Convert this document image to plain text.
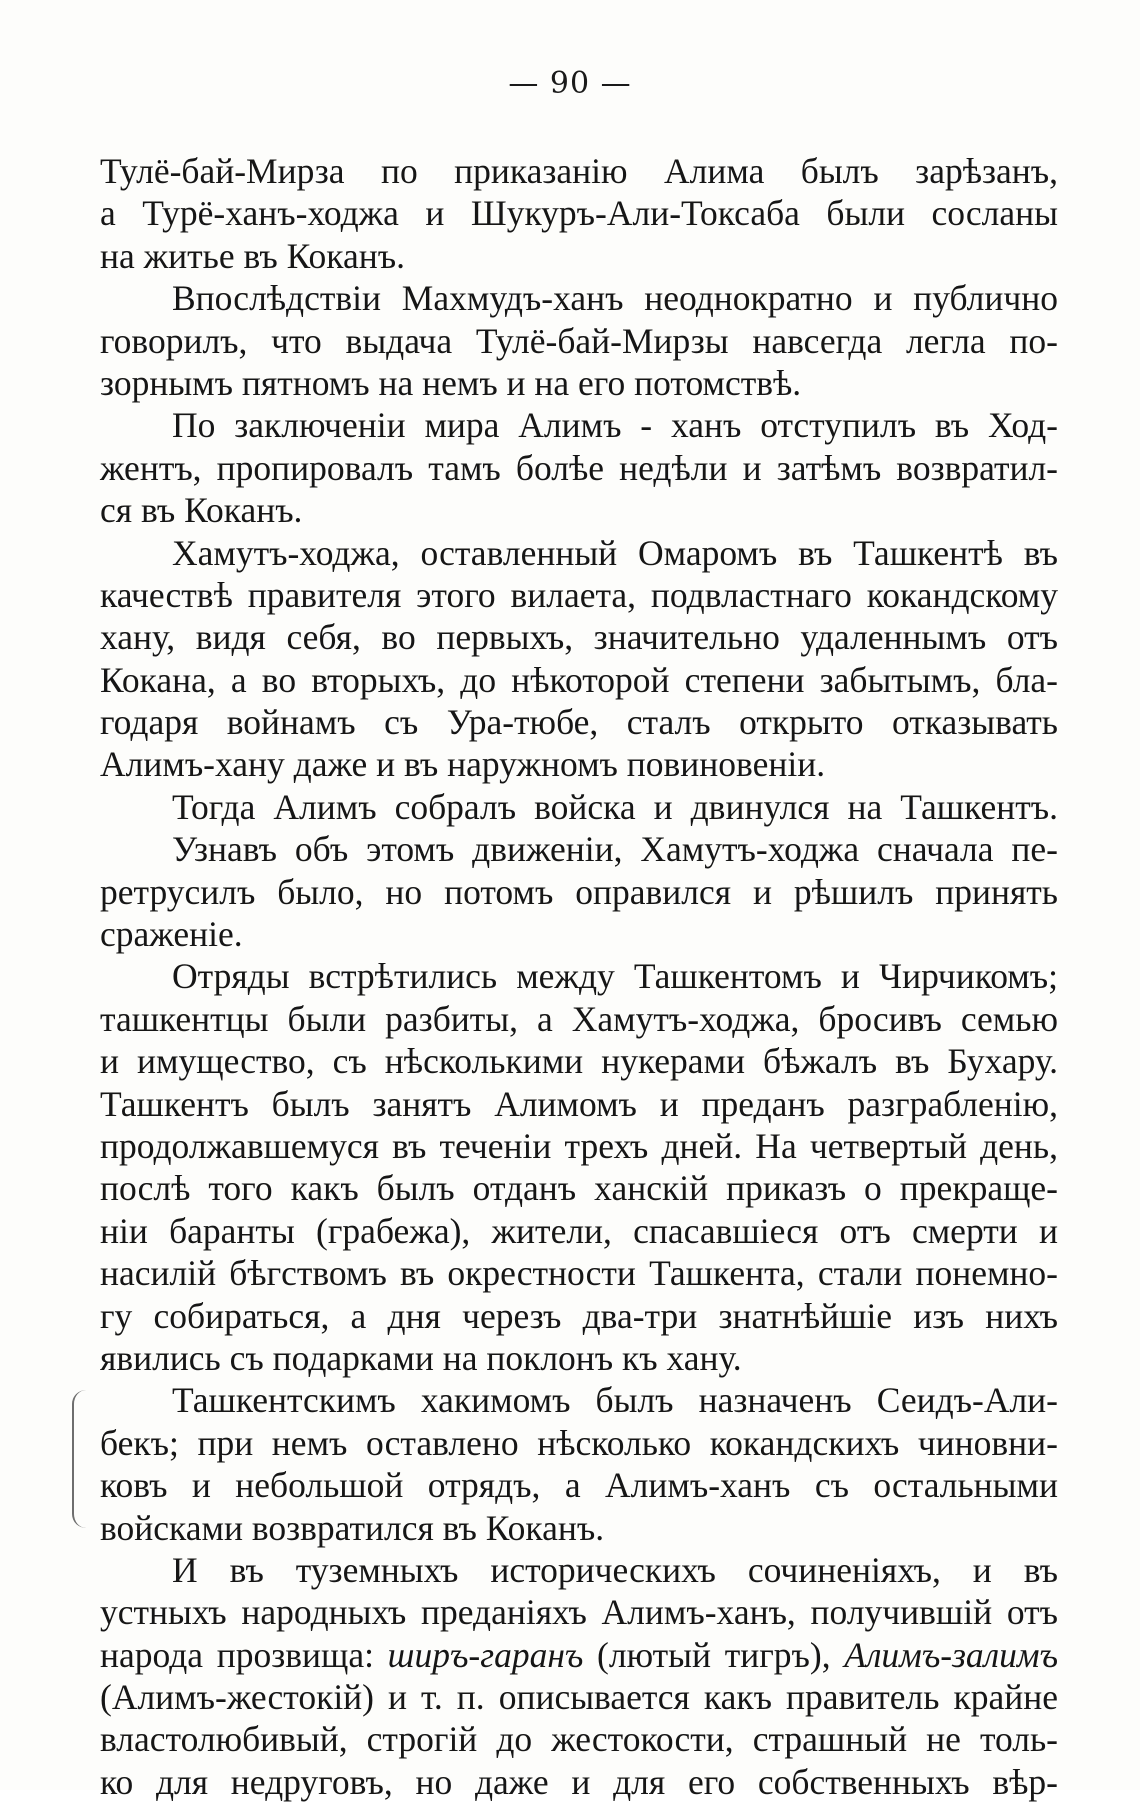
— 90 —
Тулё-бай-Мирза по приказанію Алима былъ зарѣзанъ,
а Турё-ханъ-ходжа и Шукуръ-Али-Токсаба были сосланы
на житье въ Коканъ.
Впослѣдствіи Махмудъ-ханъ неоднократно и публично
говорилъ, что выдача Тулё-бай-Мирзы навсегда легла по-
зорнымъ пятномъ на немъ и на его потомствѣ.
По заключеніи мира Алимъ - ханъ отступилъ въ Ход-
жентъ, пропировалъ тамъ болѣе недѣли и затѣмъ возвратил-
ся въ Коканъ.
Хамутъ-ходжа, оставленный Омаромъ въ Ташкентѣ въ
качествѣ правителя этого вилаета, подвластнаго кокандскому
хану, видя себя, во первыхъ, значительно удаленнымъ отъ
Кокана, а во вторыхъ, до нѣкоторой степени забытымъ, бла-
годаря войнамъ съ Ура-тюбе, сталъ открыто отказывать
Алимъ-хану даже и въ наружномъ повиновеніи.
Тогда Алимъ собралъ войска и двинулся на Ташкентъ.
Узнавъ объ этомъ движеніи, Хамутъ-ходжа сначала пе-
ретрусилъ было, но потомъ оправился и рѣшилъ принять
сраженіе.
Отряды встрѣтились между Ташкентомъ и Чирчикомъ;
ташкентцы были разбиты, а Хамутъ-ходжа, бросивъ семью
и имущество, съ нѣсколькими нукерами бѣжалъ въ Бухару.
Ташкентъ былъ занятъ Алимомъ и преданъ разграбленію,
продолжавшемуся въ теченіи трехъ дней. На четвертый день,
послѣ того какъ былъ отданъ ханскій приказъ о прекраще-
ніи баранты (грабежа), жители, спасавшіеся отъ смерти и
насилій бѣгствомъ въ окрестности Ташкента, стали понемно-
гу собираться, а дня черезъ два-три знатнѣйшіе изъ нихъ
явились съ подарками на поклонъ къ хану.
Ташкентскимъ хакимомъ былъ назначенъ Сеидъ-Али-
бекъ; при немъ оставлено нѣсколько кокандскихъ чиновни-
ковъ и небольшой отрядъ, а Алимъ-ханъ съ остальными
войсками возвратился въ Коканъ.
И въ туземныхъ историческихъ сочиненіяхъ, и въ
устныхъ народныхъ преданіяхъ Алимъ-ханъ, получившій отъ
народа прозвища: шиpъ-гаранъ (лютый тигръ), Алимъ-залимъ
(Алимъ-жестокій) и т. п. описывается какъ правитель крайне
властолюбивый, строгій до жестокости, страшный не толь-
ко для недруговъ, но даже и для его собственныхъ вѣр-
